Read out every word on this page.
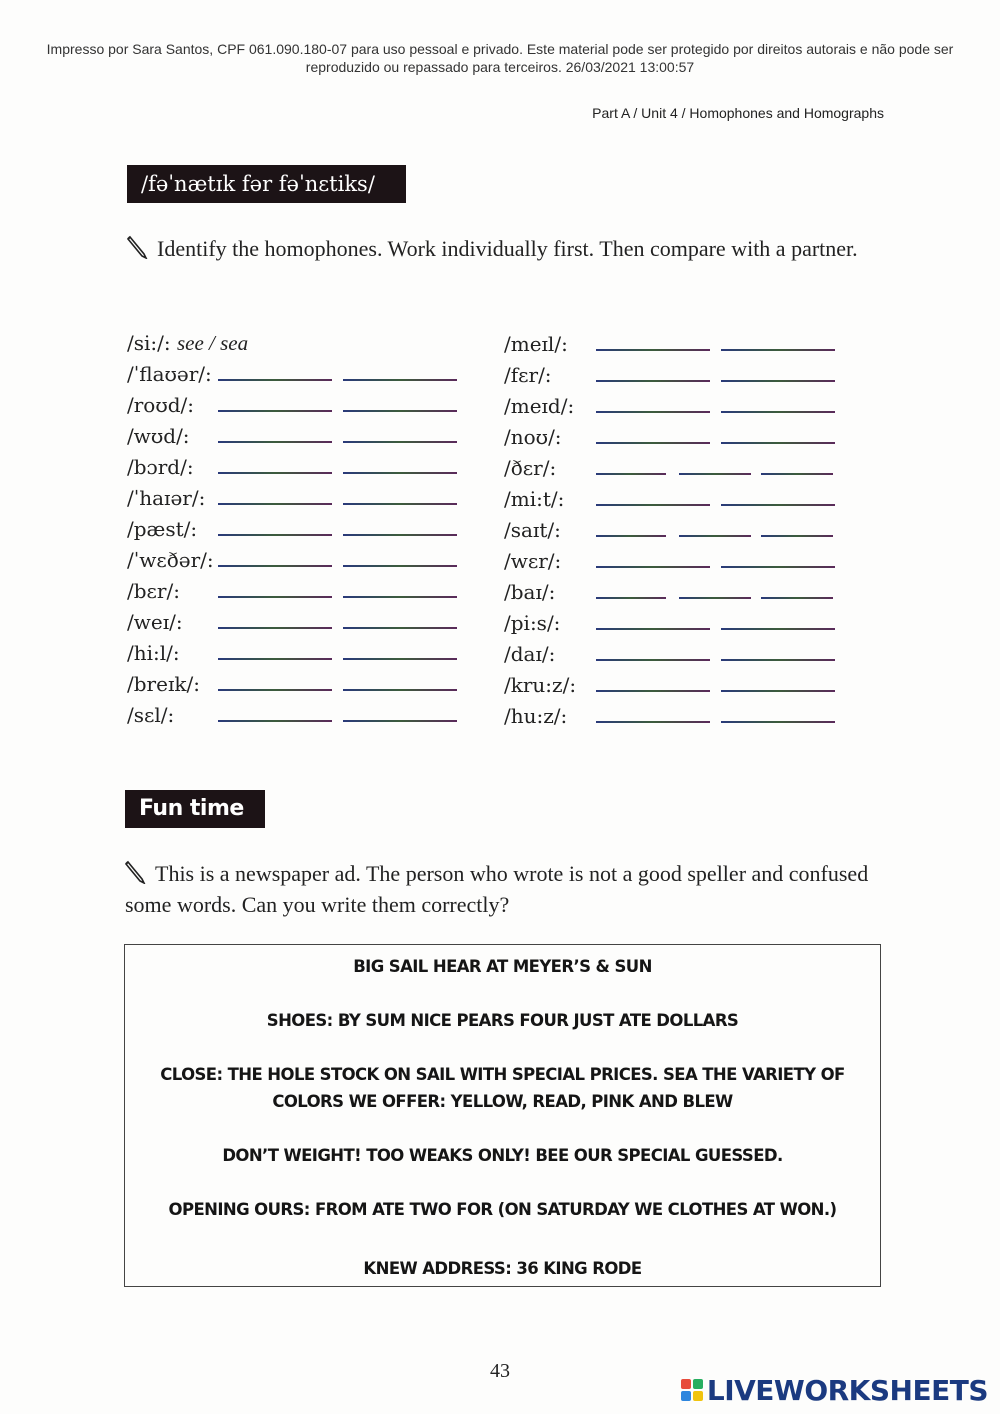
Impresso por Sara Santos, CPF 061.090.180-07 para uso pessoal e privado. Este material pode ser protegido por direitos autorais e não pode ser reproduzido ou repassado para terceiros. 26/03/2021 13:00:57
Part A / Unit 4 / Homophones and Homographs
/fəˈnætɪk fər fəˈnɛtiks/
Identify the homophones. Work individually first. Then compare with a partner.
/si:/: see / sea
/ˈflaʊər/:
/roʊd/:
/wʊd/:
/bɔrd/:
/ˈhaɪər/:
/pæst/:
/ˈwɛðər/:
/bɛr/:
/weɪ/:
/hi:l/:
/breɪk/:
/sɛl/:
/meɪl/:
/fɛr/:
/meɪd/:
/noʊ/:
/ðɛr/:
/mi:t/:
/saɪt/:
/wɛr/:
/baɪ/:
/pi:s/:
/daɪ/:
/kru:z/:
/hu:z/:
Fun time
This is a newspaper ad. The person who wrote is not a good speller and confused some words. Can you write them correctly?
BIG SAIL HEAR AT MEYER’S & SUN
SHOES: BY SUM NICE PEARS FOUR JUST ATE DOLLARS
CLOSE: THE HOLE STOCK ON SAIL WITH SPECIAL PRICES. SEA THE VARIETY OF
COLORS WE OFFER: YELLOW, READ, PINK AND BLEW
DON’T WEIGHT! TOO WEAKS ONLY! BEE OUR SPECIAL GUESSED.
OPENING OURS: FROM ATE TWO FOR (ON SATURDAY WE CLOTHES AT WON.)
KNEW ADDRESS: 36 KING RODE
43
LIVEWORKSHEETS
